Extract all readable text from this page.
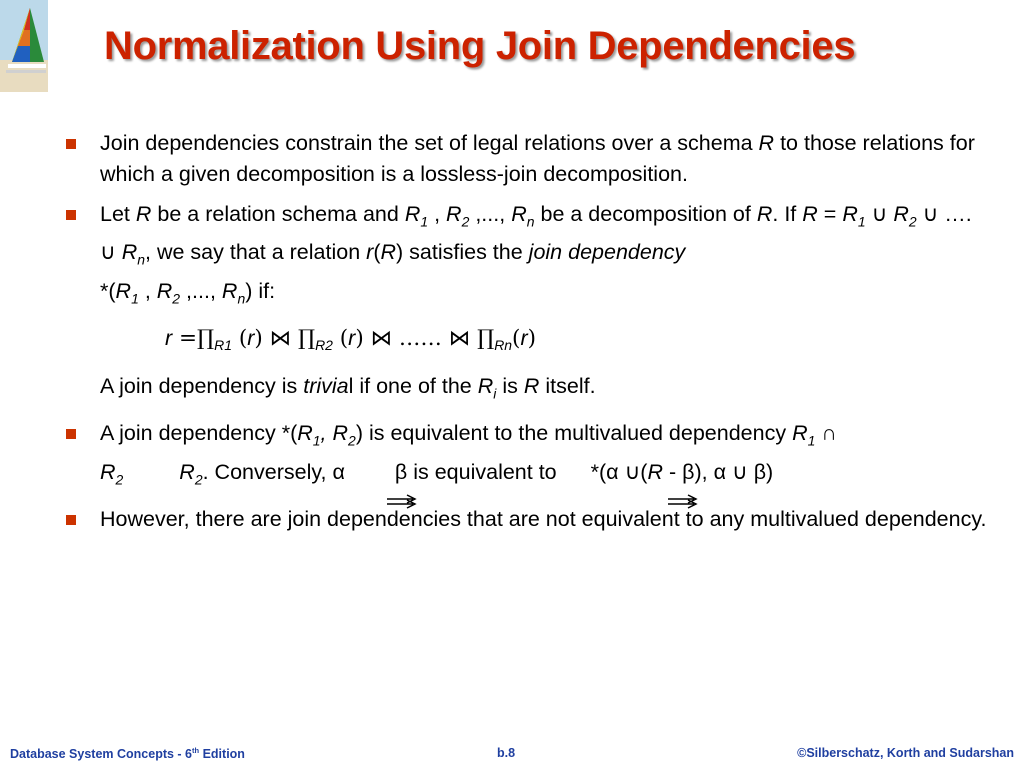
Normalization Using Join Dependencies
Join dependencies constrain the set of legal relations over a schema R to those relations for which a given decomposition is a lossless-join decomposition.
Let R be a relation schema and $R_1$ , $R_2$ ,..., $R_n$ be a decomposition of R. If $R = R_1$ ∪ $R_2$ ∪ …. ∪ $R_n$, we say that a relation r(R) satisfies the join dependency
$*(R_1$ , $R_2$ ,..., $R_n$) if:
$r =\prod_{R1}$ (r) ⋈ $\prod_{R2}$ (r) ⋈ …… ⋈ $\prod_{Rn}(r)$
A join dependency is trivial if one of the $R_i$ is R itself.
A join dependency $*(R_1$, $R_2$) is equivalent to the multivalued dependency $R_1$ ∩
$R_2$	$R_2$. Conversely, α β is equivalent to *(α ∪(R - β), α ∪ β)
However, there are join dependencies that are not equivalent to any multivalued dependency.
Database System Concepts - 6th Edition	b.8	©Silberschatz, Korth and Sudarshan
